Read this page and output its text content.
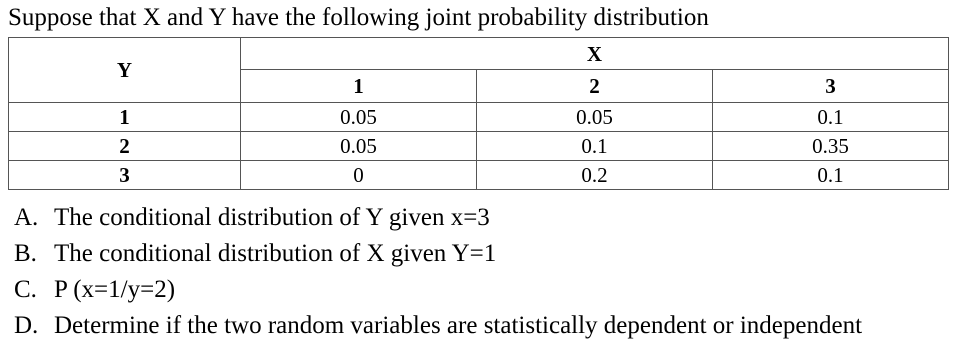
Suppose that X and Y have the following joint probability distribution
Y	X		
	1	2	3
1	0.05	0.05	0.1
2	0.05	0.1	0.35
3	0	0.2	0.1
A. The conditional distribution of Y given x=3
B. The conditional distribution of X given Y=1
C. P (x=1/y=2)
D. Determine if the two random variables are statistically dependent or independent
